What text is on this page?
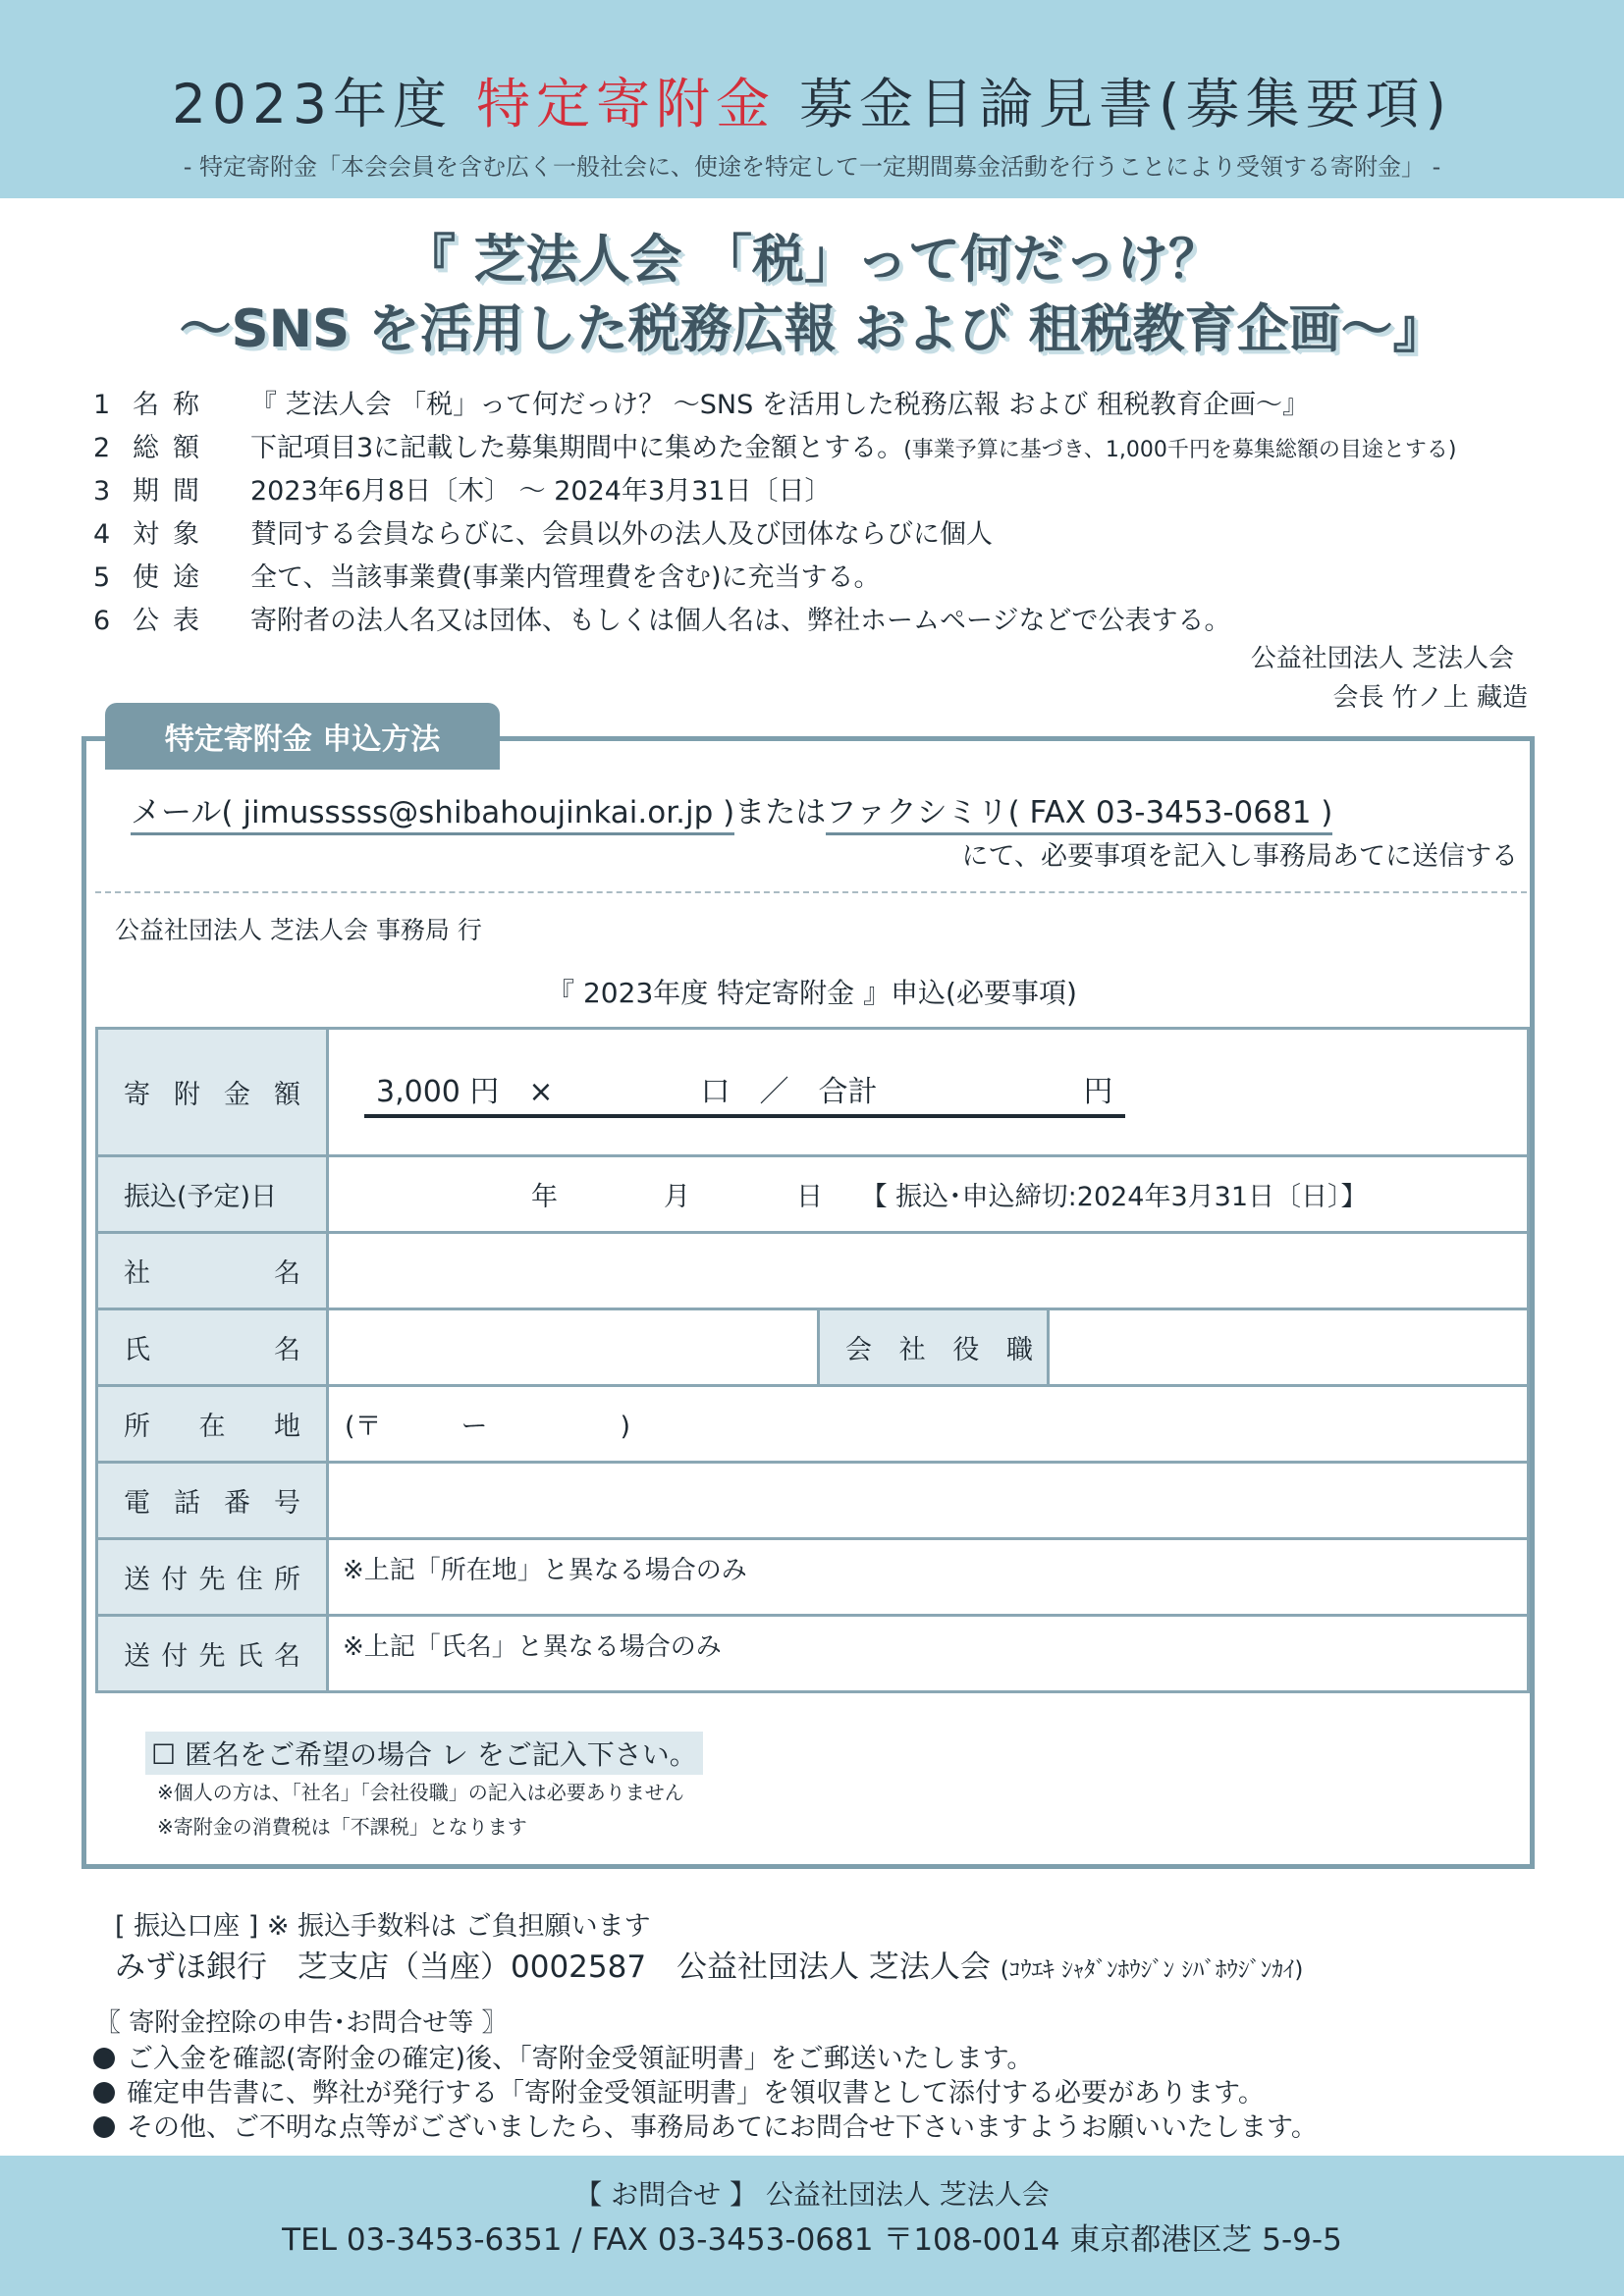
2023年度 特定寄附金 募金目論見書(募集要項)
- 特定寄附金「本会会員を含む広く一般社会に、使途を特定して一定期間募金活動を行うことにより受領する寄附金」 -
『 芝法人会 「税」って何だっけ？
～SNS を活用した税務広報 および 租税教育企画～』
1 名称 『 芝法人会 「税」って何だっけ？ ～SNS を活用した税務広報 および 租税教育企画～』
2 総額 下記項目3に記載した募集期間中に集めた金額とする。(事業予算に基づき、1,000千円を募集総額の目途とする)
3 期間 2023年6月8日〔木〕 ～ 2024年3月31日〔日〕
4 対象 賛同する会員ならびに、会員以外の法人及び団体ならびに個人
5 使途 全て、当該事業費(事業内管理費を含む)に充当する。
6 公表 寄附者の法人名又は団体、もしくは個人名は、弊社ホームページなどで公表する。
公益社団法人 芝法人会
会長 竹ノ上 藏造
特定寄附金 申込方法
メール( jimusssss@shibahoujinkai.or.jp )またはファクシミリ( FAX 03-3453-0681 )
にて、必要事項を記入し事務局あてに送信する
公益社団法人 芝法人会 事務局 行
『 2023年度 特定寄附金 』申込(必要事項)
寄 附 金 額	3,000 円　×　　　　　口　／　合計　　　　　　　円		
振込(予定)日	年　　　　月　　　　日 【 振込･申込締切:2024年3月31日〔日〕】		

社 名			

氏 名		会 社 役 職	

所 在 地	(〒　　　ー　　　　　)		

電 話 番 号			

送 付 先 住 所	※上記「所在地」と異なる場合のみ		

送 付 先 氏 名	※上記「氏名」と異なる場合のみ		
☐ 匿名をご希望の場合 レ をご記入下さい。
※個人の方は、「社名」「会社役職」の記入は必要ありません
※寄附金の消費税は「不課税」となります
[ 振込口座 ] ※ 振込手数料は ご負担願います
みずほ銀行　芝支店（当座）0002587　公益社団法人 芝法人会 (ｺｳｴｷ ｼｬﾀﾞﾝﾎｳｼﾞﾝ ｼﾊﾞﾎｳｼﾞﾝｶｲ)
〖 寄附金控除の申告･お問合せ等 〗
ご入金を確認(寄附金の確定)後、「寄附金受領証明書」をご郵送いたします。
確定申告書に、弊社が発行する「寄附金受領証明書」を領収書として添付する必要があります。
その他、ご不明な点等がございましたら、事務局あてにお問合せ下さいますようお願いいたします。
【 お問合せ 】 公益社団法人 芝法人会
TEL 03-3453-6351 / FAX 03-3453-0681 〒108-0014 東京都港区芝 5-9-5
